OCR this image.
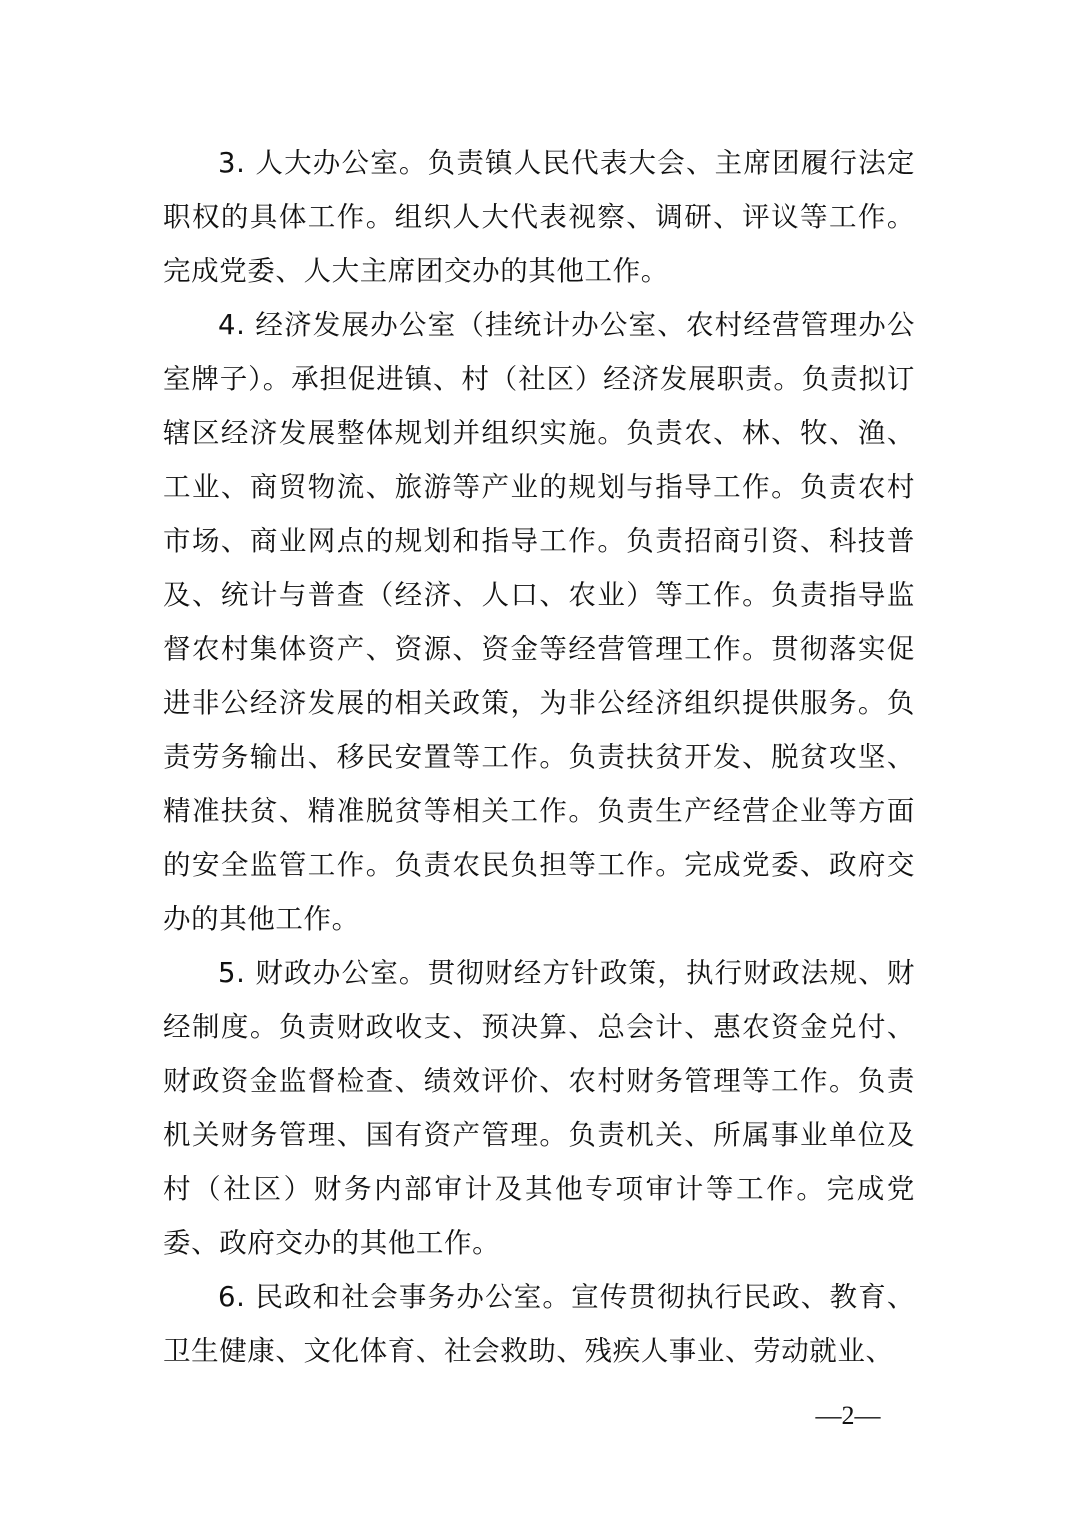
3. 人大办公室。负责镇人民代表大会、主席团履行法定职权的具体工作。组织人大代表视察、调研、评议等工作。完成党委、人大主席团交办的其他工作。

4. 经济发展办公室（挂统计办公室、农村经营管理办公室牌子）。承担促进镇、村（社区）经济发展职责。负责拟订辖区经济发展整体规划并组织实施。负责农、林、牧、渔、工业、商贸物流、旅游等产业的规划与指导工作。负责农村市场、商业网点的规划和指导工作。负责招商引资、科技普及、统计与普查（经济、人口、农业）等工作。负责指导监督农村集体资产、资源、资金等经营管理工作。贯彻落实促进非公经济发展的相关政策，为非公经济组织提供服务。负责劳务输出、移民安置等工作。负责扶贫开发、脱贫攻坚、精准扶贫、精准脱贫等相关工作。负责生产经营企业等方面的安全监管工作。负责农民负担等工作。完成党委、政府交办的其他工作。

5. 财政办公室。贯彻财经方针政策，执行财政法规、财经制度。负责财政收支、预决算、总会计、惠农资金兑付、财政资金监督检查、绩效评价、农村财务管理等工作。负责机关财务管理、国有资产管理。负责机关、所属事业单位及村（社区）财务内部审计及其他专项审计等工作。完成党委、政府交办的其他工作。

6. 民政和社会事务办公室。宣传贯彻执行民政、教育、卫生健康、文化体育、社会救助、残疾人事业、劳动就业、

—2—
